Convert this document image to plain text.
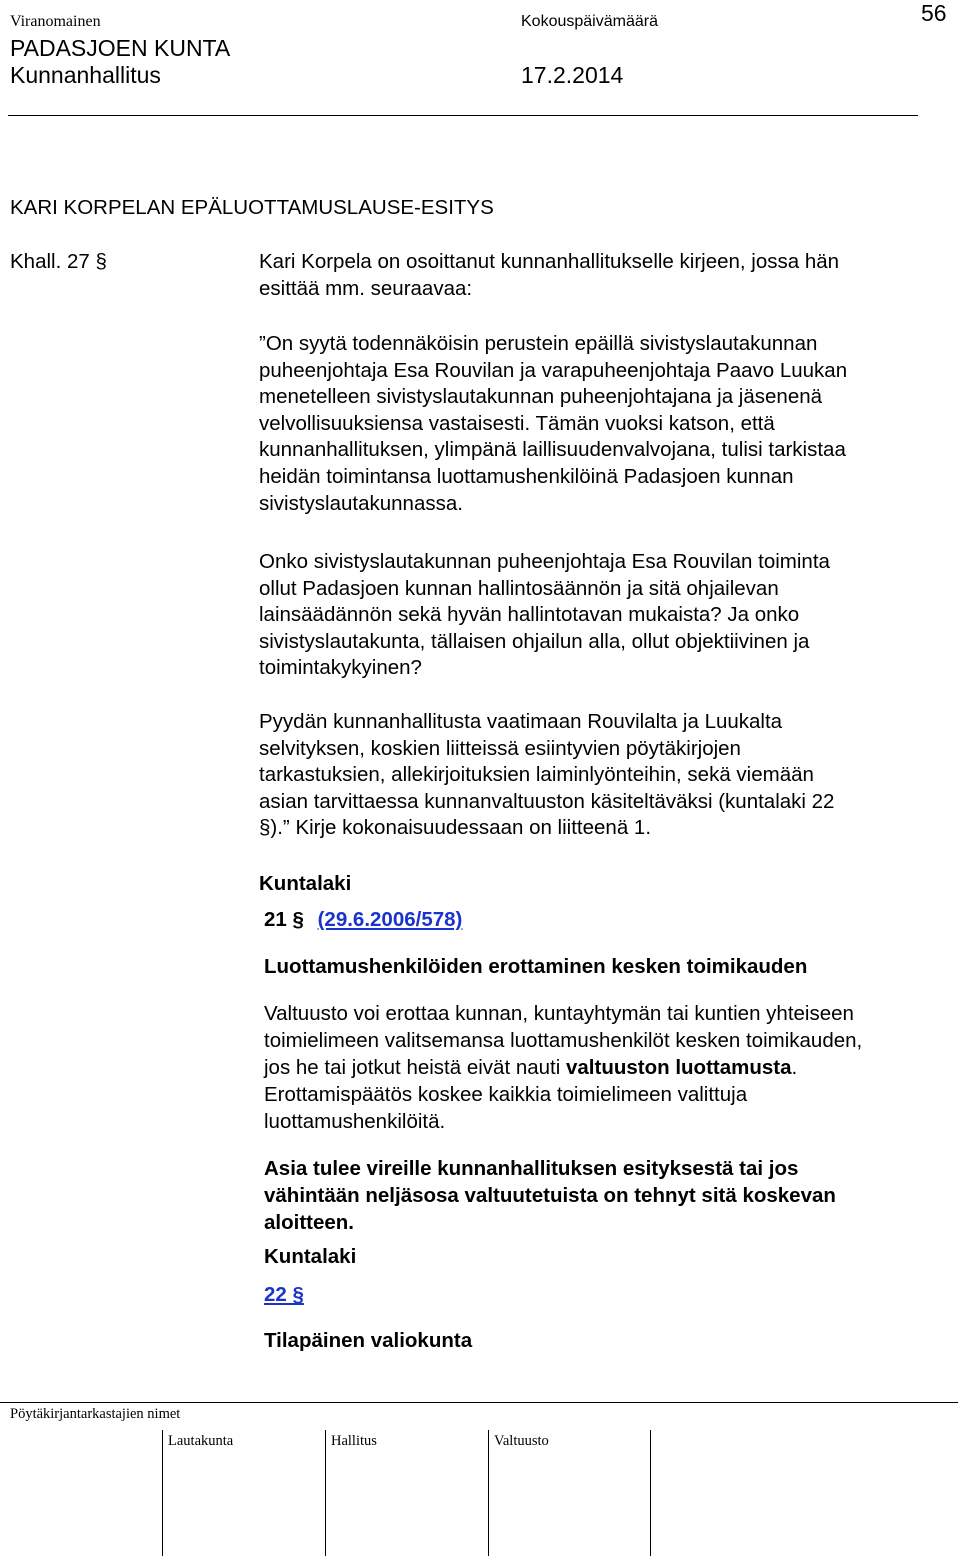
Viranomainen	Kokouspäivämäärä	56
PADASJOEN KUNTA
Kunnanhallitus	17.2.2014
KARI KORPELAN EPÄLUOTTAMUSLAUSE-ESITYS
Khall. 27 §	Kari Korpela on osoittanut kunnanhallitukselle kirjeen, jossa hän
esittää mm. seuraavaa:
”On syytä todennäköisin perustein epäillä sivistyslautakunnan
puheenjohtaja Esa Rouvilan ja varapuheenjohtaja Paavo Luukan
menetelleen sivistyslautakunnan puheenjohtajana ja jäsenenä
velvollisuuksiensa vastaisesti. Tämän vuoksi katson, että
kunnanhallituksen, ylimpänä laillisuudenvalvojana, tulisi tarkistaa
heidän toimintansa luottamushenkilöinä Padasjoen kunnan
sivistyslautakunnassa.
Onko sivistyslautakunnan puheenjohtaja Esa Rouvilan toiminta
ollut Padasjoen kunnan hallintosäännön ja sitä ohjailevan
lainsäädännön sekä hyvän hallintotavan mukaista? Ja onko
sivistyslautakunta, tällaisen ohjailun alla, ollut objektiivinen ja
toimintakykyinen?
Pyydän kunnanhallitusta vaatimaan Rouvilalta ja Luukalta
selvityksen, koskien liitteissä esiintyvien pöytäkirjojen
tarkastuksien, allekirjoituksien laiminlyönteihin, sekä viemään
asian tarvittaessa kunnanvaltuuston käsiteltäväksi (kuntalaki 22
§).” Kirje kokonaisuudessaan on liitteenä 1.
Kuntalaki
21 § (29.6.2006/578)
Luottamushenkilöiden erottaminen kesken toimikauden
Valtuusto voi erottaa kunnan, kuntayhtymän tai kuntien yhteiseen
toimielimeen valitsemansa luottamushenkilöt kesken toimikauden,
jos he tai jotkut heistä eivät nauti valtuuston luottamusta.
Erottamispäätös koskee kaikkia toimielimeen valittuja
luottamushenkilöitä.
Asia tulee vireille kunnanhallituksen esityksestä tai jos
vähintään neljäsosa valtuutetuista on tehnyt sitä koskevan
aloitteen.
Kuntalaki
22 §
Tilapäinen valiokunta
Pöytäkirjantarkastajien nimet
Lautakunta	Hallitus	Valtuusto
